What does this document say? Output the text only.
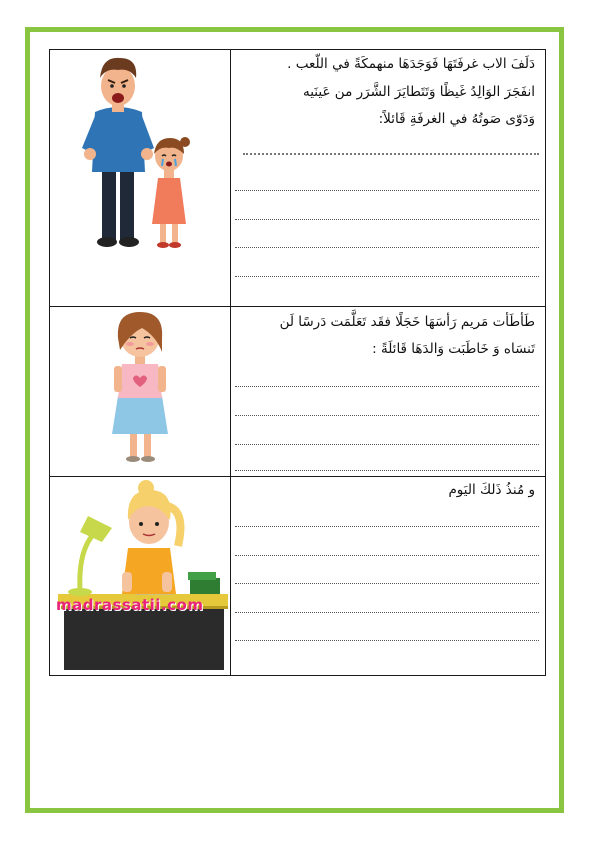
دَلَفَ الاب غرفَتَهَا فَوَجَدَهَا منهمكَةً في اللّعب .
انفَجَرَ الوَالِدُ غَيظًا وَتَتَطايَرَ الشَّرَر من عَينَيه
وَدَوّى صَوتُهُ في الغرفَةِ قَائلاً:
طَأطَأت مَريم رَأسَهَا خَجَلًا فقَد تَعَلَّمَت دَرسًا لَن
تَنسَاه وَ خَاطَبَت وَالدَهَا قَائلَةً :
madrassatii.com
و مُنذُ ذَلكَ اليَوم
